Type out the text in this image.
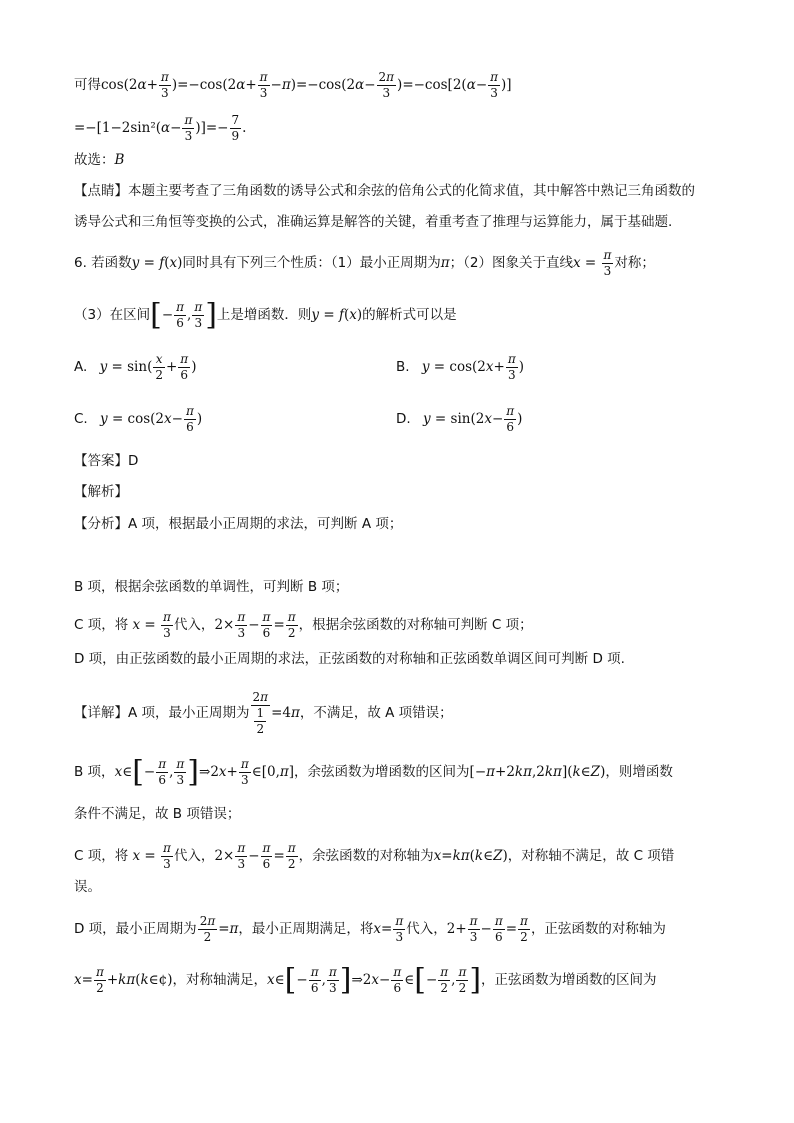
可得$\cos(2\alpha+ \frac{\pi}{3} )=-\cos(2\alpha+ \frac{\pi}{3} -\pi)=-\cos(2\alpha- \frac{2\pi}{3} )=-\cos[2(\alpha- \frac{\pi}{3}$ )]
$=-[1-2\sin^2(\alpha- \frac{\pi}{3}$ )]=− $\frac{7}{9}$ .
故选：B
【点睛】本题主要考查了三角函数的诱导公式和余弦的倍角公式的化简求值，其中解答中熟记三角函数的
诱导公式和三角恒等变换的公式，准确运算是解答的关键，着重考查了推理与运算能力，属于基础题.
6. 若函数y = f(x)同时具有下列三个性质：（1）最小正周期为π；（2）图象关于直线$x = \frac{\pi}{3}$ 对称；
（3）在区间[− $\frac{\pi}{6}$ , $\frac{\pi}{3}$ ]上是增函数．则y = f(x)的解析式可以是
A. $y = \sin( \frac{x}{2} + \frac{\pi}{6}$ )	B. $y = \cos(2x+ \frac{\pi}{3}$ )
C. $y = \cos(2x- \frac{\pi}{6}$ )	D. $y = \sin(2x- \frac{\pi}{6}$ )
【答案】D
【解析】
【分析】A 项，根据最小正周期的求法，可判断 A 项；
B 项，根据余弦函数的单调性，可判断 B 项；
C 项，将 $x = \frac{\pi}{3}$ 代入，$2\times \frac{\pi}{3} - \frac{\pi}{6} = \frac{\pi}{2}$ ，根据余弦函数的对称轴可判断 C 项；
D 项，由正弦函数的最小正周期的求法，正弦函数的对称轴和正弦函数单调区间可判断 D 项.
【详解】A 项，最小正周期为 $\frac{2\pi}{\frac{1}{2}} =4\pi$，不满足，故 A 项错误；
B 项，x∈[− $\frac{\pi}{6}$ , $\frac{\pi}{3}$ ]⇒2x+ $\frac{\pi}{3}$ ∈[0,π]，余弦函数为增函数的区间为[−π+2kπ,2kπ](k∈Z)，则增函数
条件不满足，故 B 项错误；
C 项，将 $x = \frac{\pi}{3}$ 代入，$2\times \frac{\pi}{3} - \frac{\pi}{6} = \frac{\pi}{2}$ ，余弦函数的对称轴为x=kπ(k∈Z)，对称轴不满足，故 C 项错
误。
D 项，最小正周期为 $\frac{2\pi}{2} =\pi$，最小正周期满足，将$x= \frac{\pi}{3}$ 代入，$2+ \frac{\pi}{3} - \frac{\pi}{6} = \frac{\pi}{2}$ ，正弦函数的对称轴为
$x= \frac{\pi}{2}$ +kπ(k∈¢)，对称轴满足，x∈[− $\frac{\pi}{6}$ , $\frac{\pi}{3}$ ]⇒2x− $\frac{\pi}{6}$ ∈[− $\frac{\pi}{2}$ , $\frac{\pi}{2}$ ]，正弦函数为增函数的区间为
